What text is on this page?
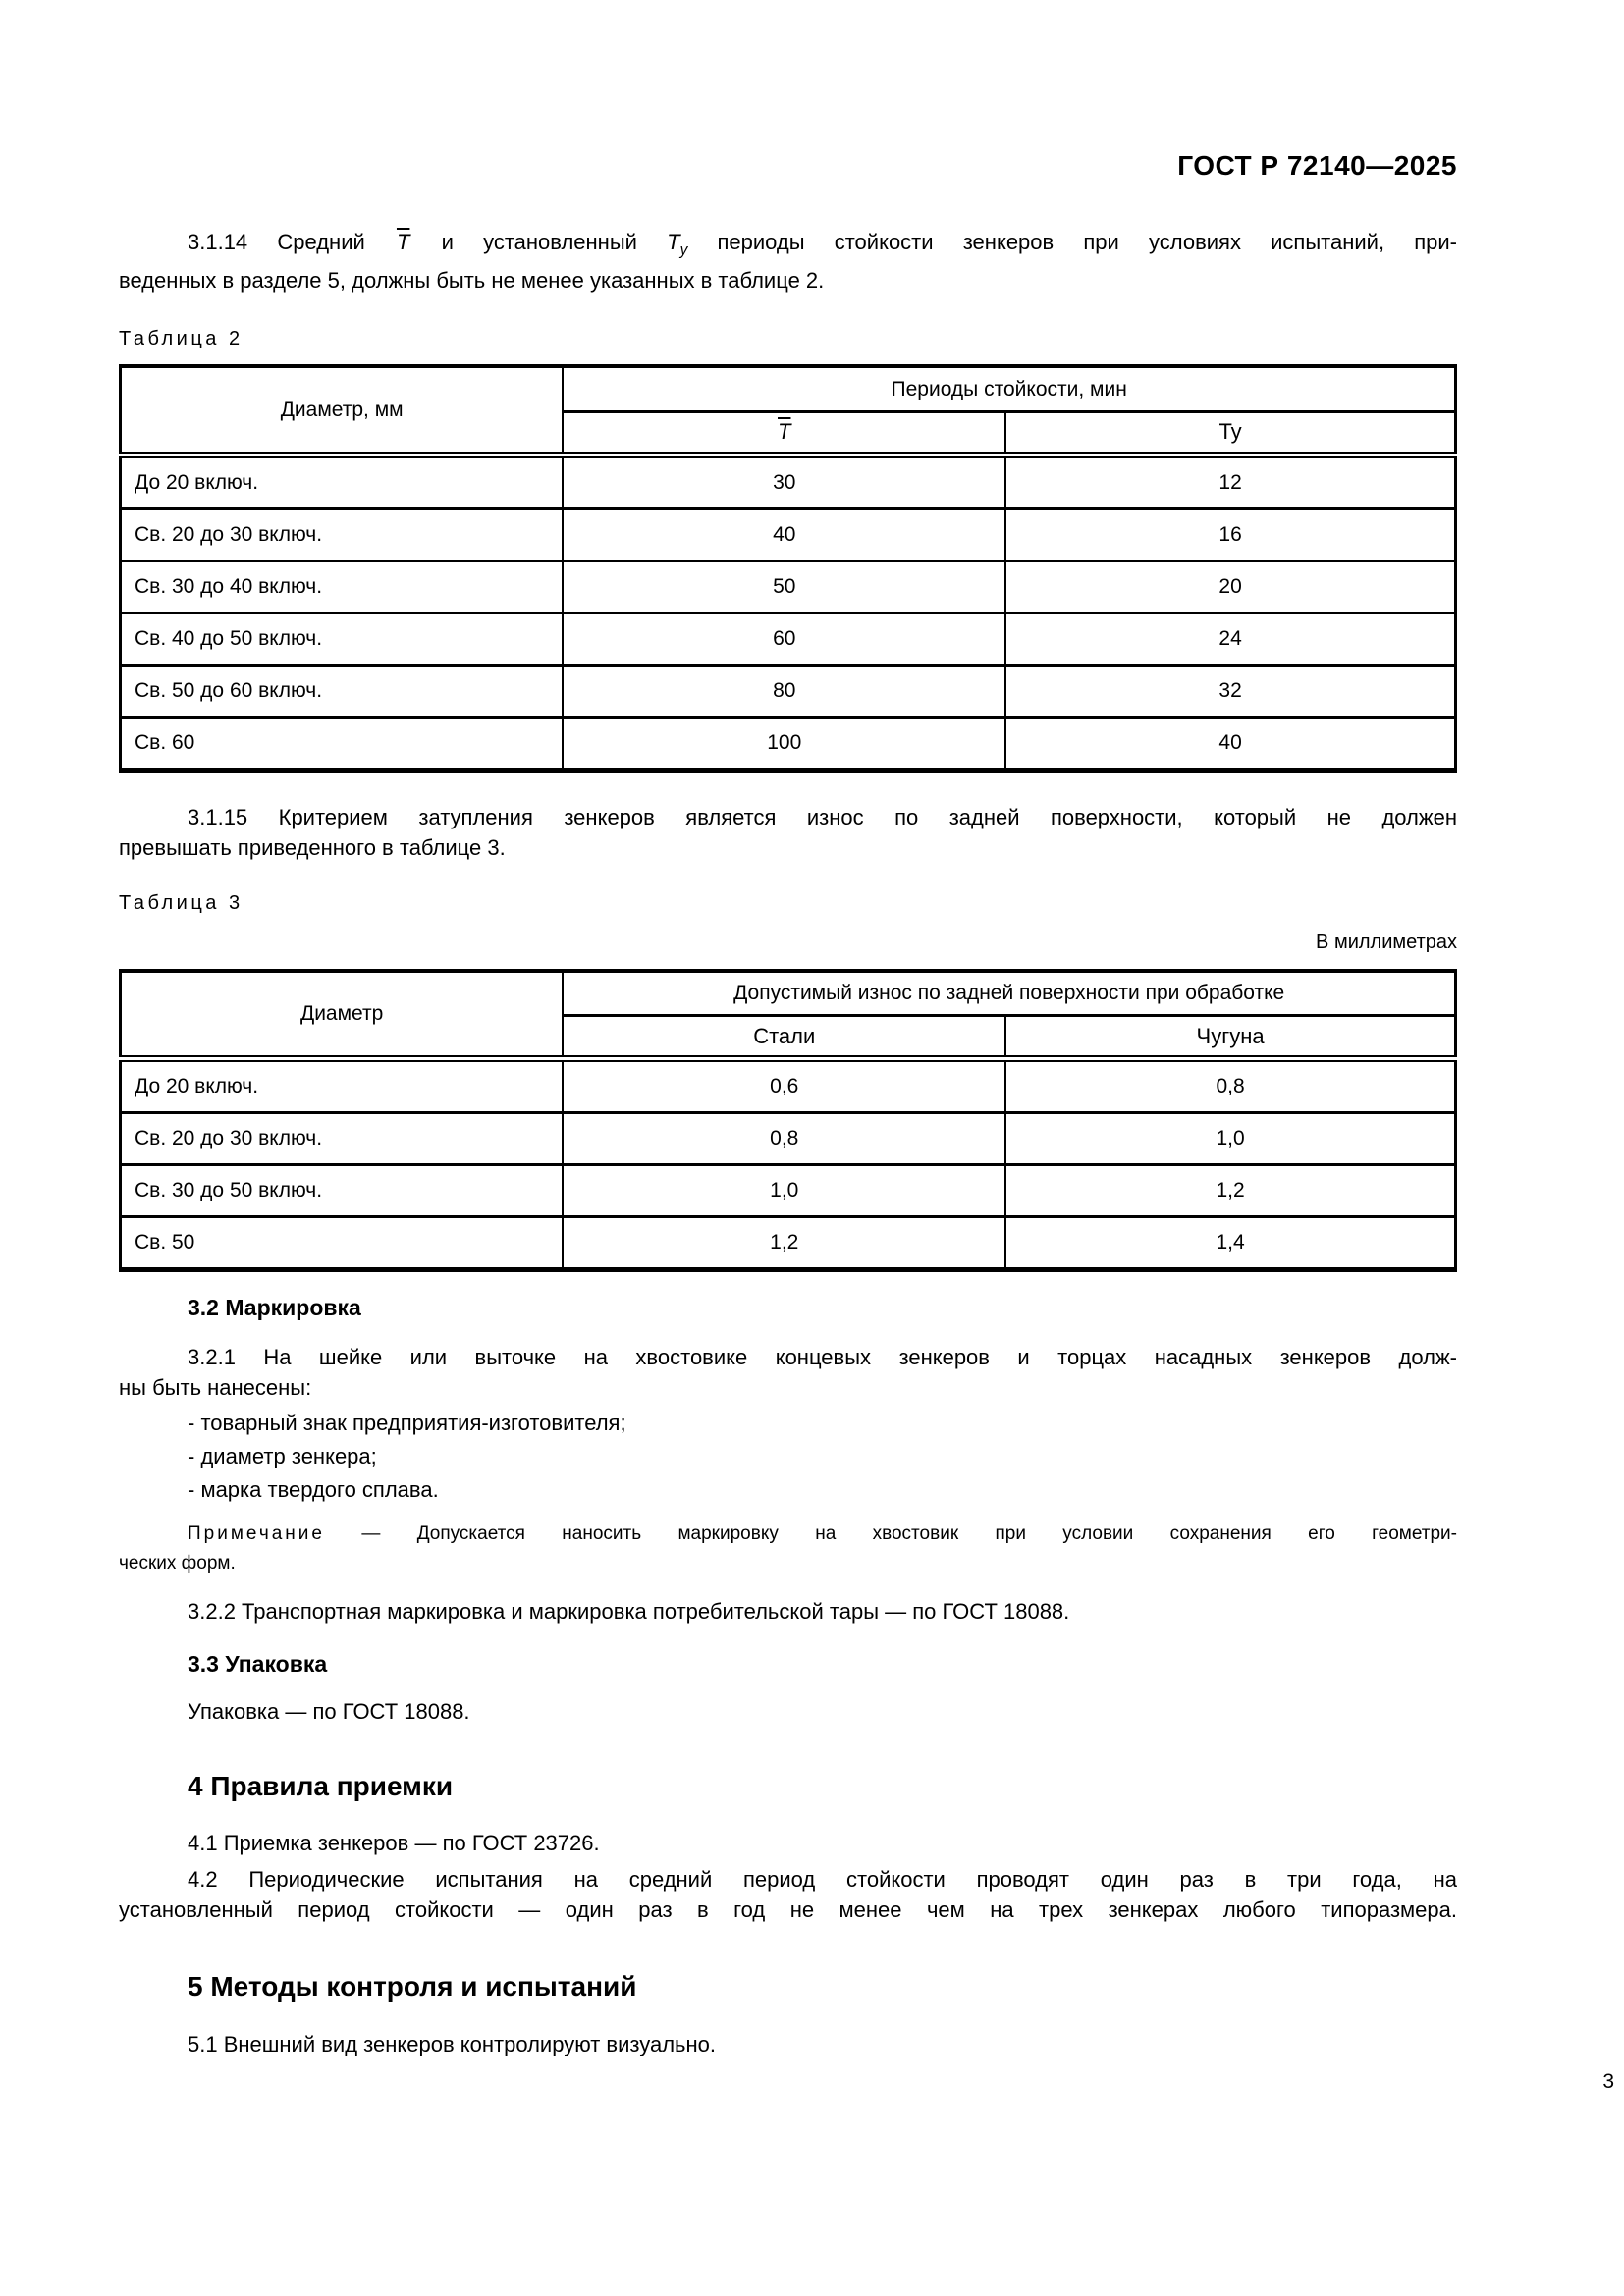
ГОСТ Р 72140—2025
3.1.14 Средний $\overline{T}$ и установленный $Т_у$ периоды стойкости зенкеров при условиях испытаний, при-
веденных в разделе 5, должны быть не менее указанных в таблице 2.
Таблица 2
Диаметр, мм	Периоды стойкости, мин	
	$\overline{T}$	Ту
До 20 включ.	30	12
Св. 20 до 30 включ.	40	16
Св. 30 до 40 включ.	50	20
Св. 40 до 50 включ.	60	24
Св. 50 до 60 включ.	80	32
Св. 60	100	40
3.1.15 Критерием затупления зенкеров является износ по задней поверхности, который не должен
превышать приведенного в таблице 3.
Таблица 3
В миллиметрах
Диаметр	Допустимый износ по задней поверхности при обработке	
	Стали	Чугуна
До 20 включ.	0,6	0,8
Св. 20 до 30 включ.	0,8	1,0
Св. 30 до 50 включ.	1,0	1,2
Св. 50	1,2	1,4
3.2 Маркировка
3.2.1 На шейке или выточке на хвостовике концевых зенкеров и торцах насадных зенкеров долж-
ны быть нанесены:
- товарный знак предприятия-изготовителя;
- диаметр зенкера;
- марка твердого сплава.
Примечание — Допускается наносить маркировку на хвостовик при условии сохранения его геометри-
ческих форм.
3.2.2 Транспортная маркировка и маркировка потребительской тары — по ГОСТ 18088.
3.3 Упаковка
Упаковка — по ГОСТ 18088.
4 Правила приемки
4.1 Приемка зенкеров — по ГОСТ 23726.
4.2 Периодические испытания на средний период стойкости проводят один раз в три года, на
установленный период стойкости — один раз в год не менее чем на трех зенкерах любого типоразмера.
5 Методы контроля и испытаний
5.1 Внешний вид зенкеров контролируют визуально.
3
